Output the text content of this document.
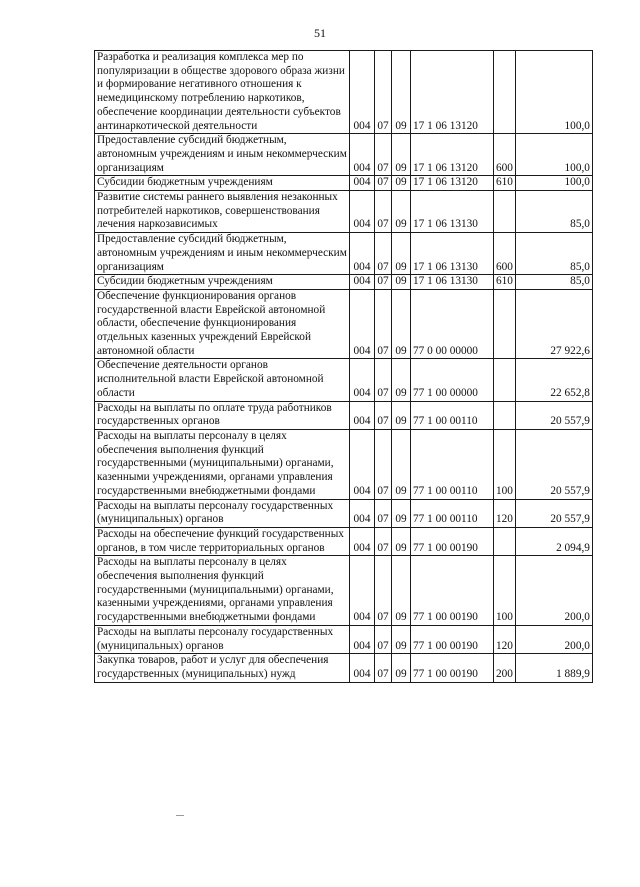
51
Разработка и реализация комплекса мер по популяризации в обществе здорового образа жизни и формирование негативного отношения к немедицинскому потреблению наркотиков, обеспечение координации деятельности субъектов антинаркотической деятельности	004	07	09	17 1 06 13120		100,0
Предоставление субсидий бюджетным, автономным учреждениям и иным некоммерческим организациям	004	07	09	17 1 06 13120	600	100,0
Субсидии бюджетным учреждениям	004	07	09	17 1 06 13120	610	100,0
Развитие системы раннего выявления незаконных потребителей наркотиков, совершенствования лечения наркозависимых	004	07	09	17 1 06 13130		85,0
Предоставление субсидий бюджетным, автономным учреждениям и иным некоммерческим организациям	004	07	09	17 1 06 13130	600	85,0
Субсидии бюджетным учреждениям	004	07	09	17 1 06 13130	610	85,0
Обеспечение функционирования органов государственной власти Еврейской автономной области, обеспечение функционирования отдельных казенных учреждений Еврейской автономной области	004	07	09	77 0 00 00000		27 922,6
Обеспечение деятельности органов исполнительной власти Еврейской автономной области	004	07	09	77 1 00 00000		22 652,8
Расходы на выплаты по оплате труда работников государственных органов	004	07	09	77 1 00 00110		20 557,9
Расходы на выплаты персоналу в целях обеспечения выполнения функций государственными (муниципальными) органами, казенными учреждениями, органами управления государственными внебюджетными фондами	004	07	09	77 1 00 00110	100	20 557,9
Расходы на выплаты персоналу государственных (муниципальных) органов	004	07	09	77 1 00 00110	120	20 557,9
Расходы на обеспечение функций государственных органов, в том числе территориальных органов	004	07	09	77 1 00 00190		2 094,9
Расходы на выплаты персоналу в целях обеспечения выполнения функций государственными (муниципальными) органами, казенными учреждениями, органами управления государственными внебюджетными фондами	004	07	09	77 1 00 00190	100	200,0
Расходы на выплаты персоналу государственных (муниципальных) органов	004	07	09	77 1 00 00190	120	200,0
Закупка товаров, работ и услуг для обеспечения государственных (муниципальных) нужд	004	07	09	77 1 00 00190	200	1 889,9
